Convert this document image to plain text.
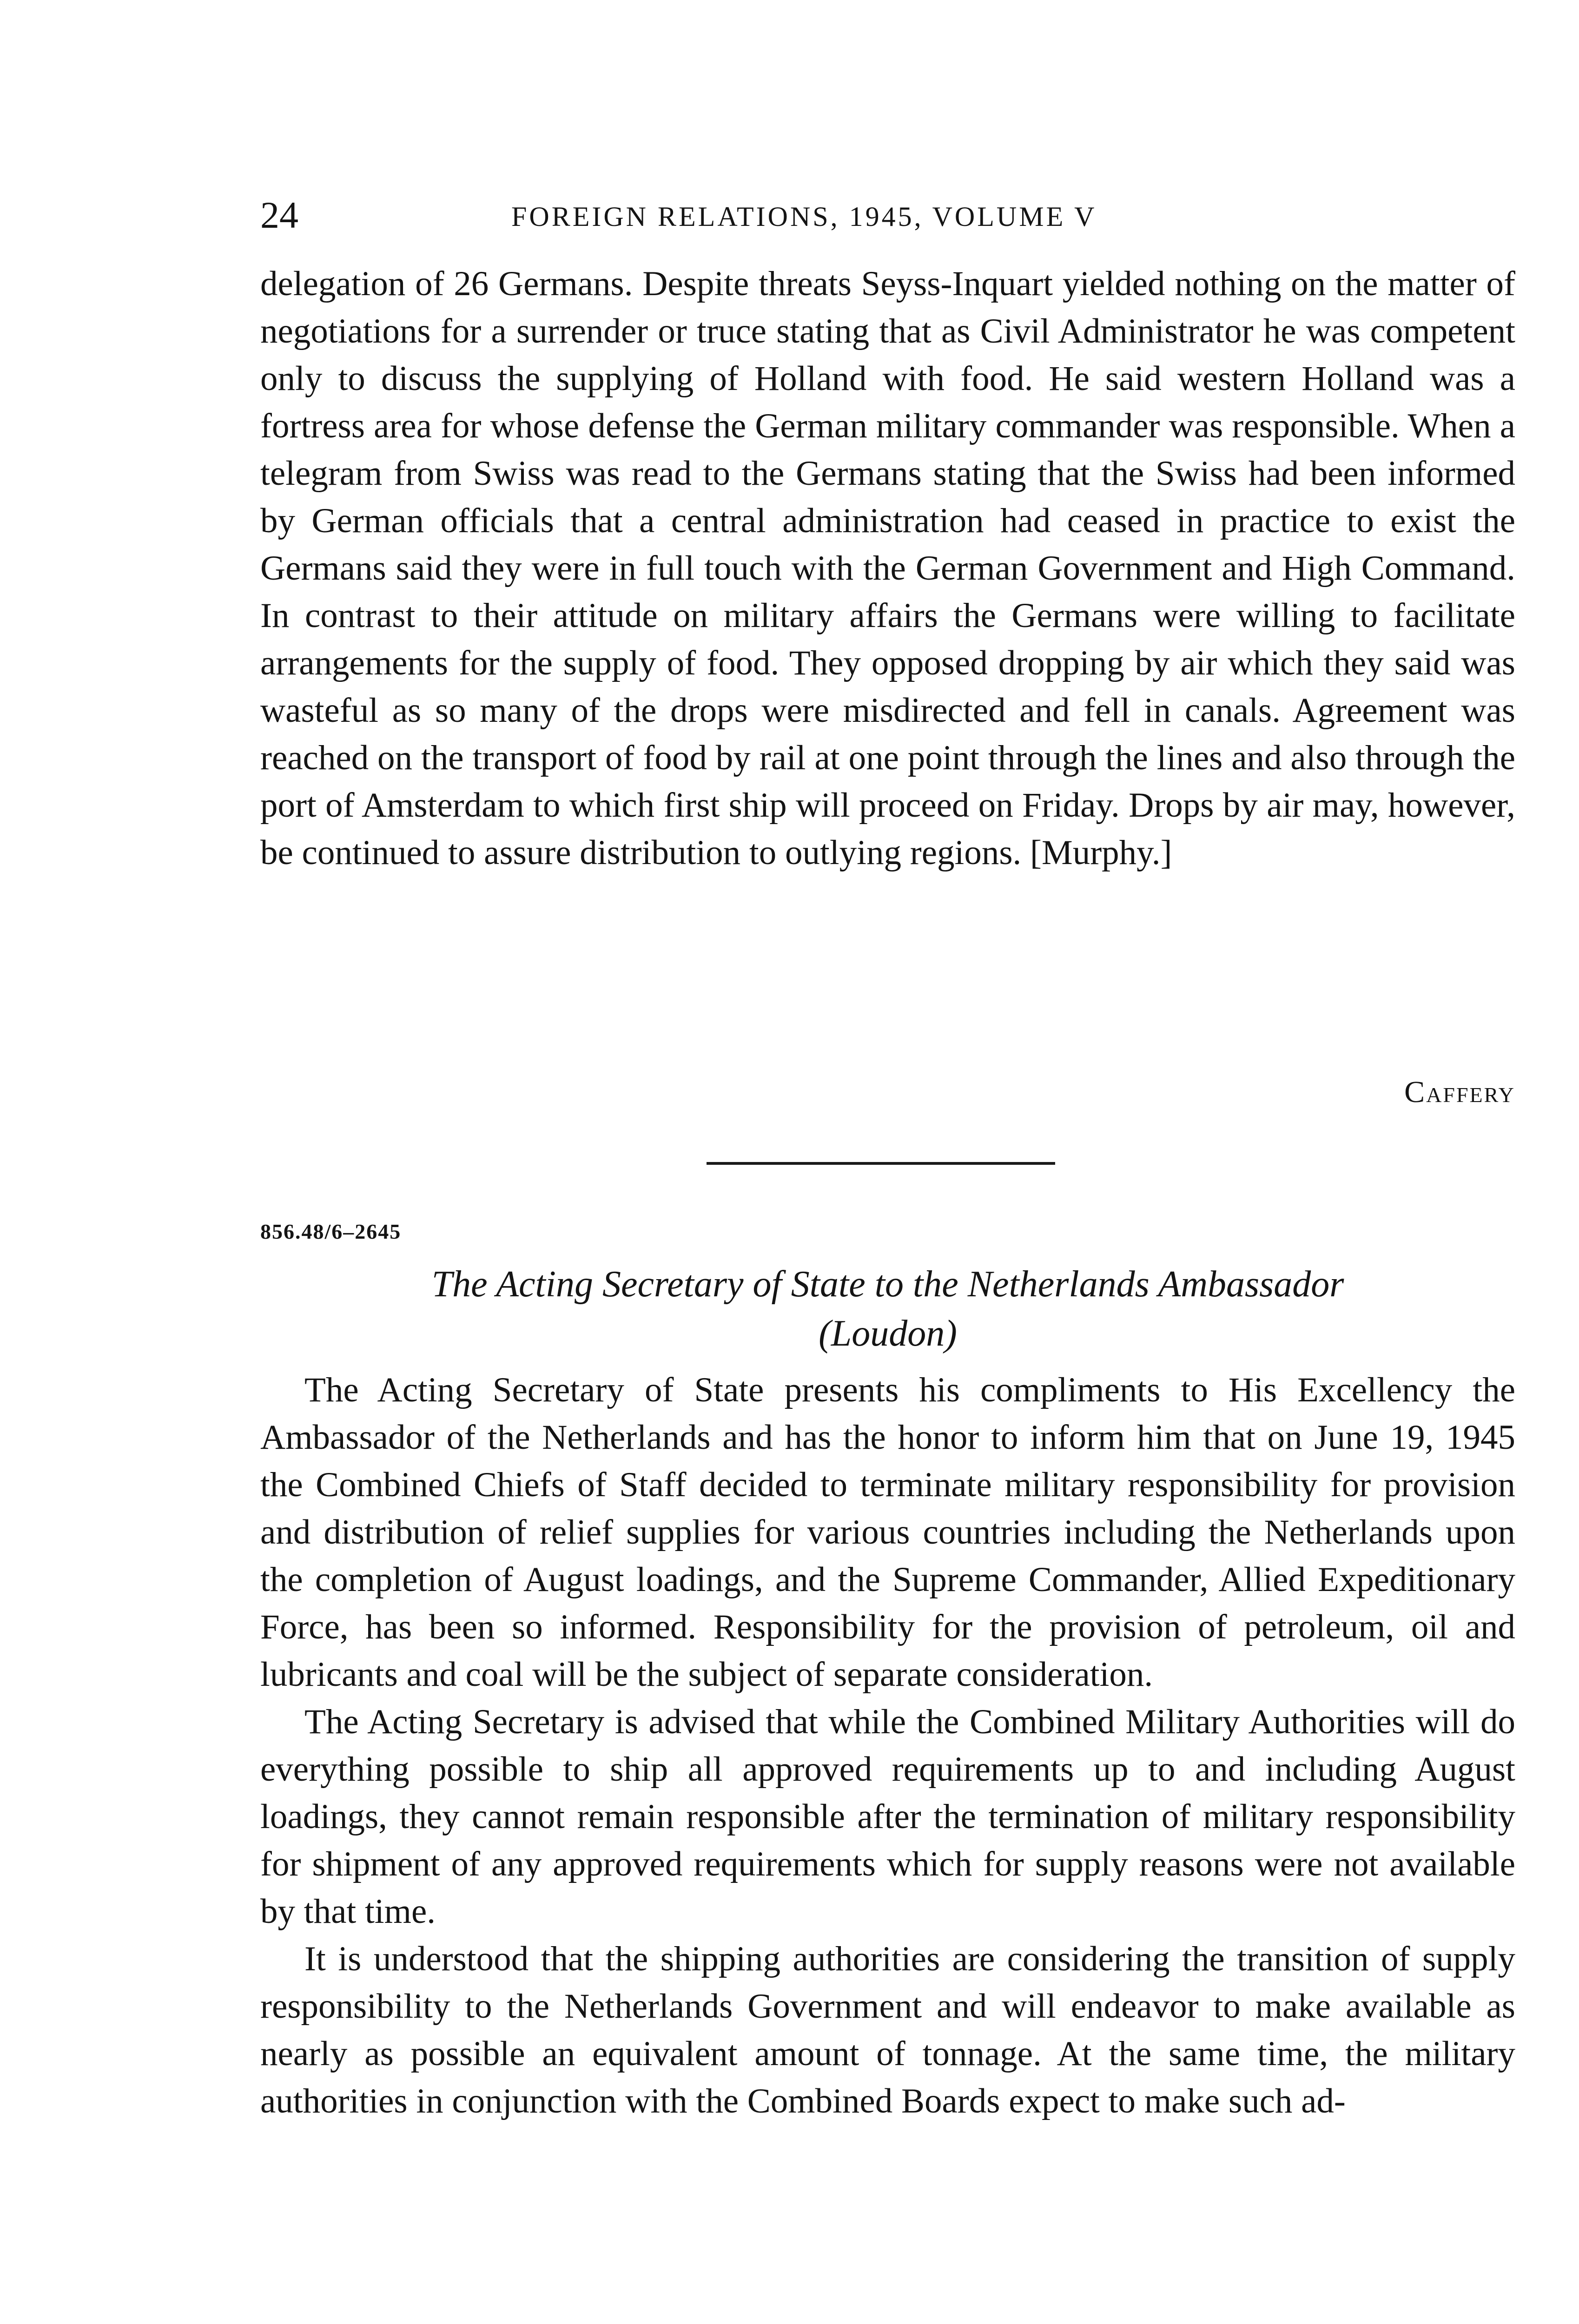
24	FOREIGN RELATIONS, 1945, VOLUME V

delegation of 26 Germans. Despite threats Seyss-Inquart yielded nothing on the matter of negotiations for a surrender or truce stating that as Civil Administrator he was competent only to discuss the supplying of Holland with food. He said western Holland was a fortress area for whose defense the German military commander was responsible. When a telegram from Swiss was read to the Germans stating that the Swiss had been informed by German officials that a central administration had ceased in practice to exist the Germans said they were in full touch with the German Government and High Command. In contrast to their attitude on military affairs the Germans were willing to facilitate arrangements for the supply of food. They opposed dropping by air which they said was wasteful as so many of the drops were misdirected and fell in canals. Agreement was reached on the transport of food by rail at one point through the lines and also through the port of Amsterdam to which first ship will proceed on Friday. Drops by air may, however, be continued to assure distribution to outlying regions. [Murphy.]

Caffery
856.48/6–2645
The Acting Secretary of State to the Netherlands Ambassador
(Loudon)

The Acting Secretary of State presents his compliments to His Excellency the Ambassador of the Netherlands and has the honor to inform him that on June 19, 1945 the Combined Chiefs of Staff decided to terminate military responsibility for provision and distribution of relief supplies for various countries including the Netherlands upon the completion of August loadings, and the Supreme Commander, Allied Expeditionary Force, has been so informed. Responsibility for the provision of petroleum, oil and lubricants and coal will be the subject of separate consideration.

The Acting Secretary is advised that while the Combined Military Authorities will do everything possible to ship all approved requirements up to and including August loadings, they cannot remain responsible after the termination of military responsibility for shipment of any approved requirements which for supply reasons were not available by that time.

It is understood that the shipping authorities are considering the transition of supply responsibility to the Netherlands Government and will endeavor to make available as nearly as possible an equivalent amount of tonnage. At the same time, the military authorities in conjunction with the Combined Boards expect to make such ad-
